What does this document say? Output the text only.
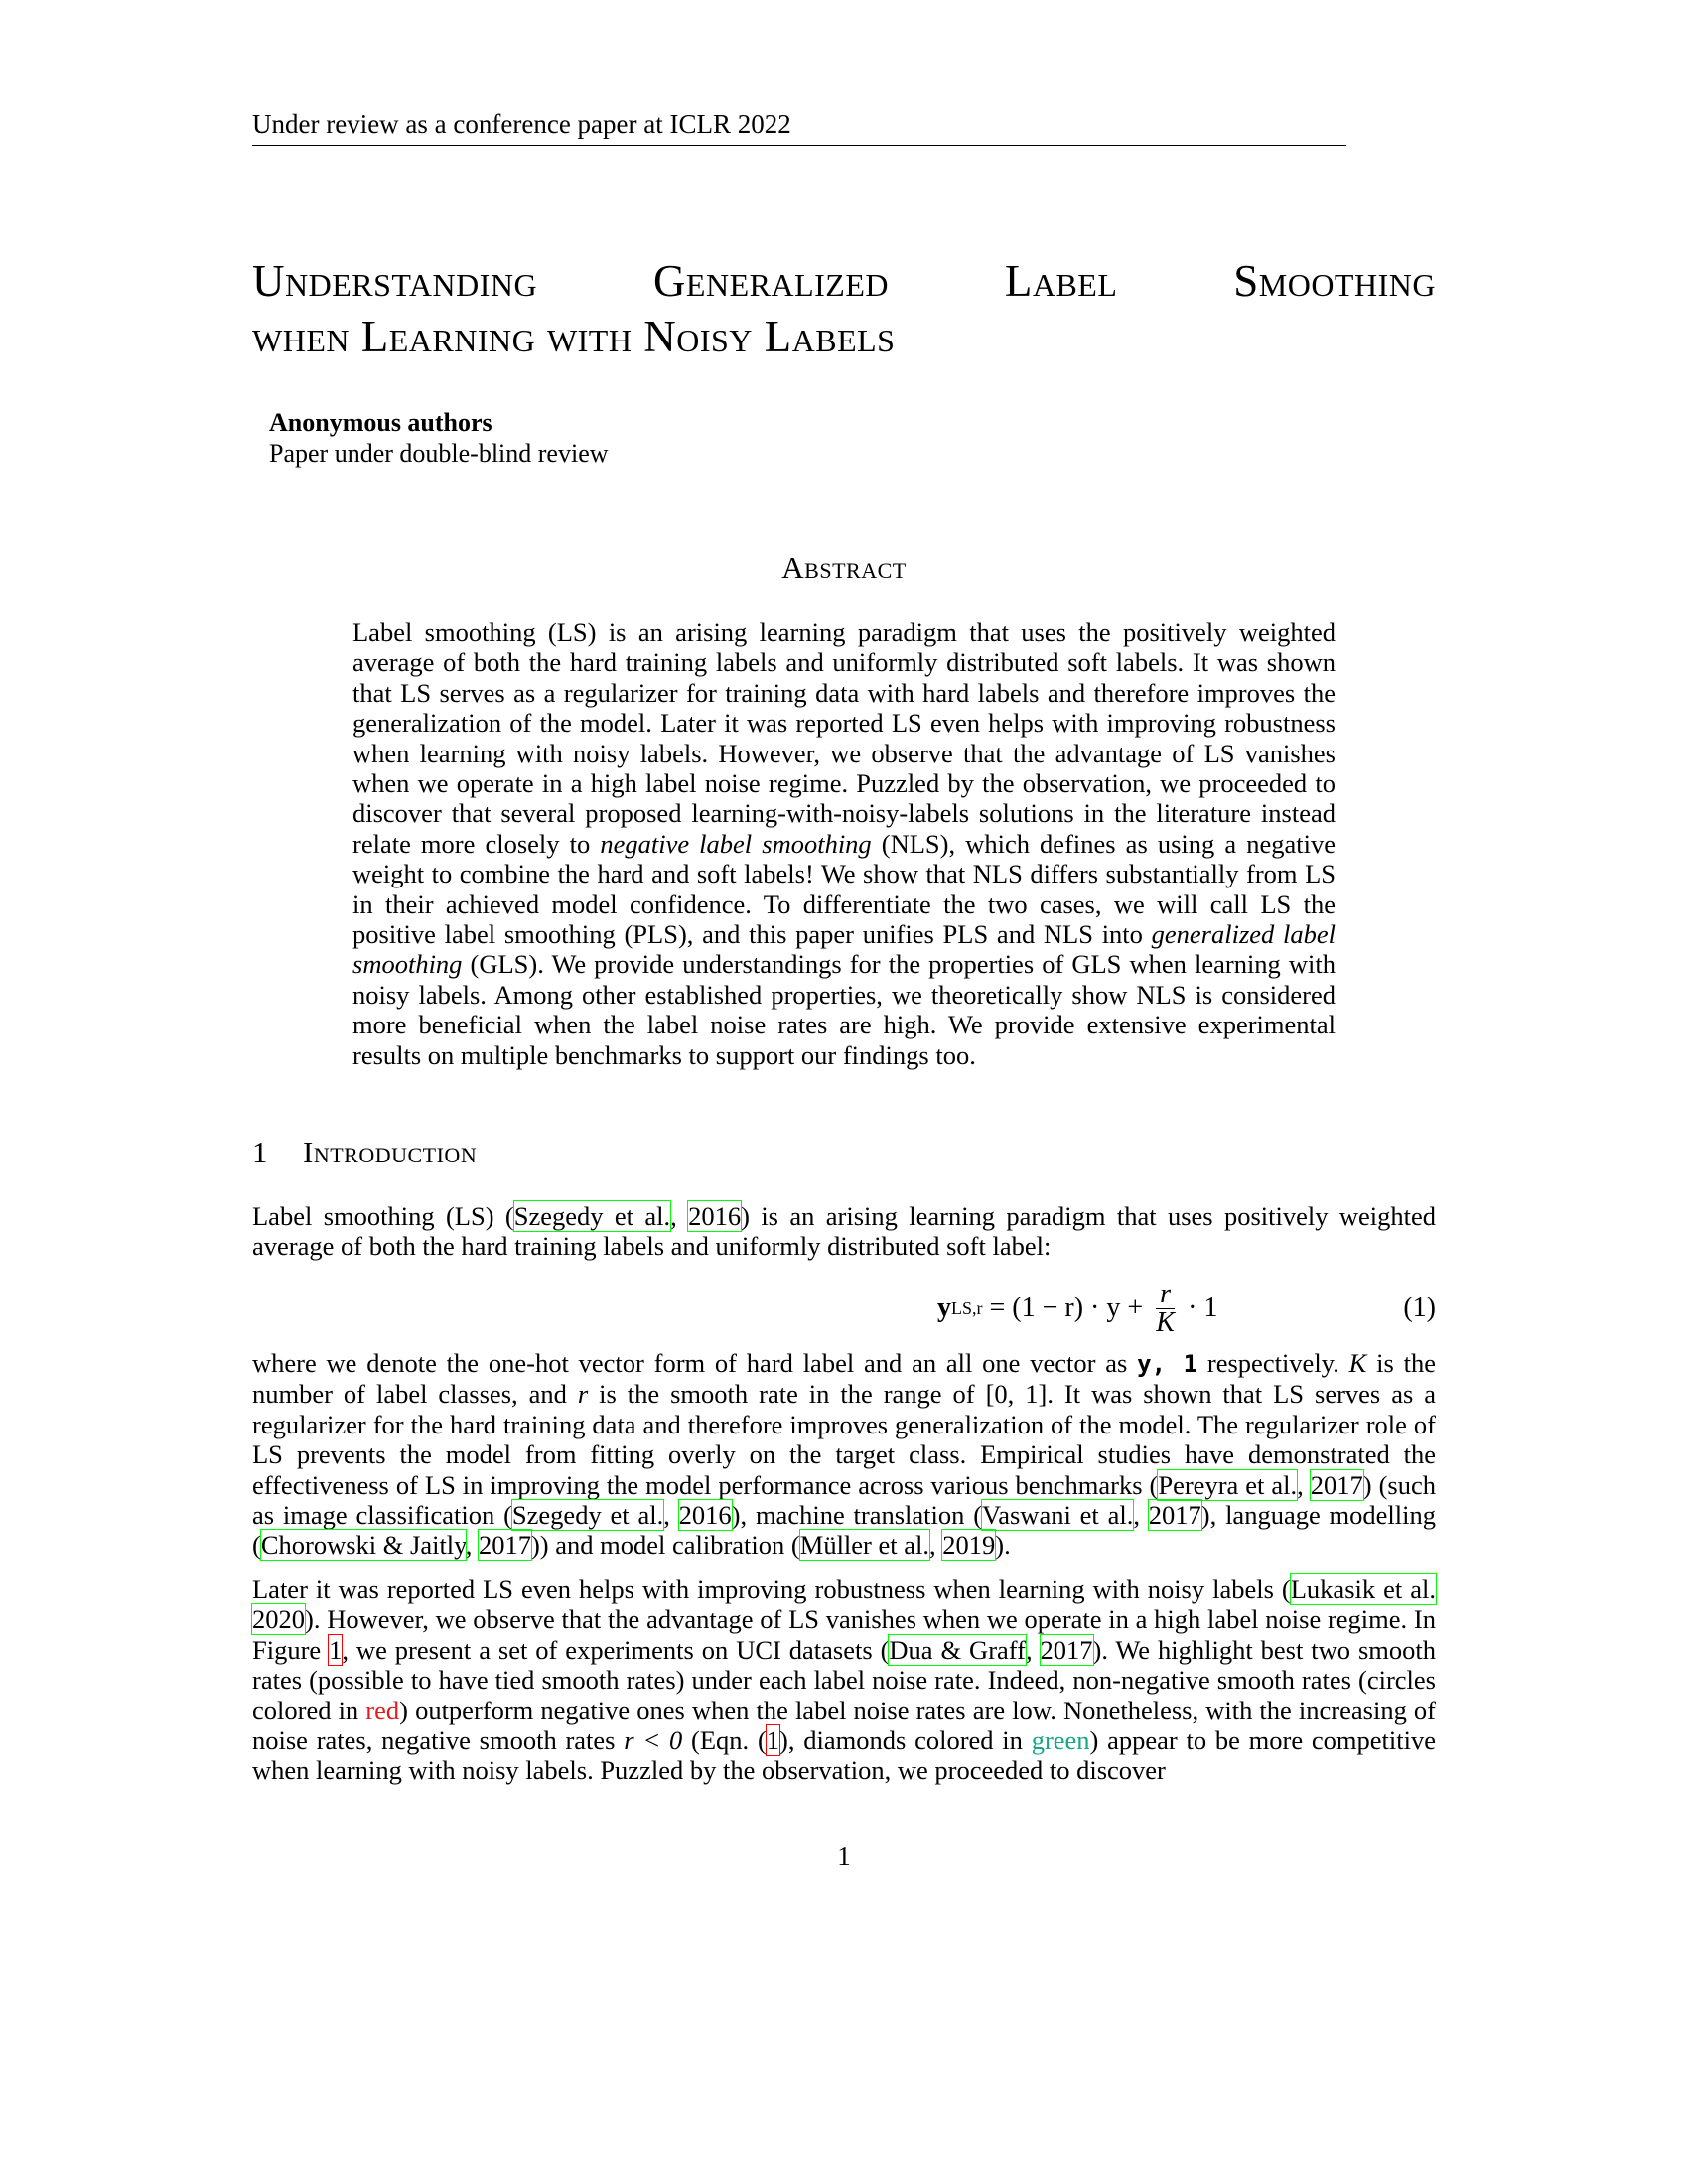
Under review as a conference paper at ICLR 2022
Understanding	Generalized	Label	Smoothing
when Learning with Noisy Labels
Anonymous authors
Paper under double-blind review
Abstract
Label smoothing (LS) is an arising learning paradigm that uses the positively weighted average of both the hard training labels and uniformly distributed soft labels. It was shown that LS serves as a regularizer for training data with hard labels and therefore improves the generalization of the model. Later it was reported LS even helps with improving robustness when learning with noisy labels. However, we observe that the advantage of LS vanishes when we operate in a high label noise regime. Puzzled by the observation, we proceeded to discover that several proposed learning-with-noisy-labels solutions in the literature instead relate more closely to negative label smoothing (NLS), which defines as using a negative weight to combine the hard and soft labels! We show that NLS differs substantially from LS in their achieved model confidence. To differentiate the two cases, we will call LS the positive label smoothing (PLS), and this paper unifies PLS and NLS into generalized label smoothing (GLS). We provide understandings for the properties of GLS when learning with noisy labels. Among other established properties, we theoretically show NLS is considered more beneficial when the label noise rates are high. We provide extensive experimental results on multiple benchmarks to support our findings too.
1 Introduction
Label smoothing (LS) (Szegedy et al., 2016) is an arising learning paradigm that uses positively weighted average of both the hard training labels and uniformly distributed soft label:
y $LS,r = (1 - r) \cdot y + \frac{r}{K} \cdot 1$	(1)
where we denote the one-hot vector form of hard label and an all one vector as y, 1 respectively. K is the number of label classes, and r is the smooth rate in the range of [0, 1]. It was shown that LS serves as a regularizer for the hard training data and therefore improves generalization of the model. The regularizer role of LS prevents the model from fitting overly on the target class. Empirical studies have demonstrated the effectiveness of LS in improving the model performance across various benchmarks (Pereyra et al., 2017) (such as image classification (Szegedy et al., 2016), machine translation (Vaswani et al., 2017), language modelling (Chorowski & Jaitly, 2017)) and model calibration (Müller et al., 2019).
Later it was reported LS even helps with improving robustness when learning with noisy labels (Lukasik et al. 2020). However, we observe that the advantage of LS vanishes when we operate in a high label noise regime. In Figure 1, we present a set of experiments on UCI datasets (Dua & Graff, 2017). We highlight best two smooth rates (possible to have tied smooth rates) under each label noise rate. Indeed, non-negative smooth rates (circles colored in red) outperform negative ones when the label noise rates are low. Nonetheless, with the increasing of noise rates, negative smooth rates r < 0 (Eqn. (1), diamonds colored in green) appear to be more competitive when learning with noisy labels. Puzzled by the observation, we proceeded to discover
1
